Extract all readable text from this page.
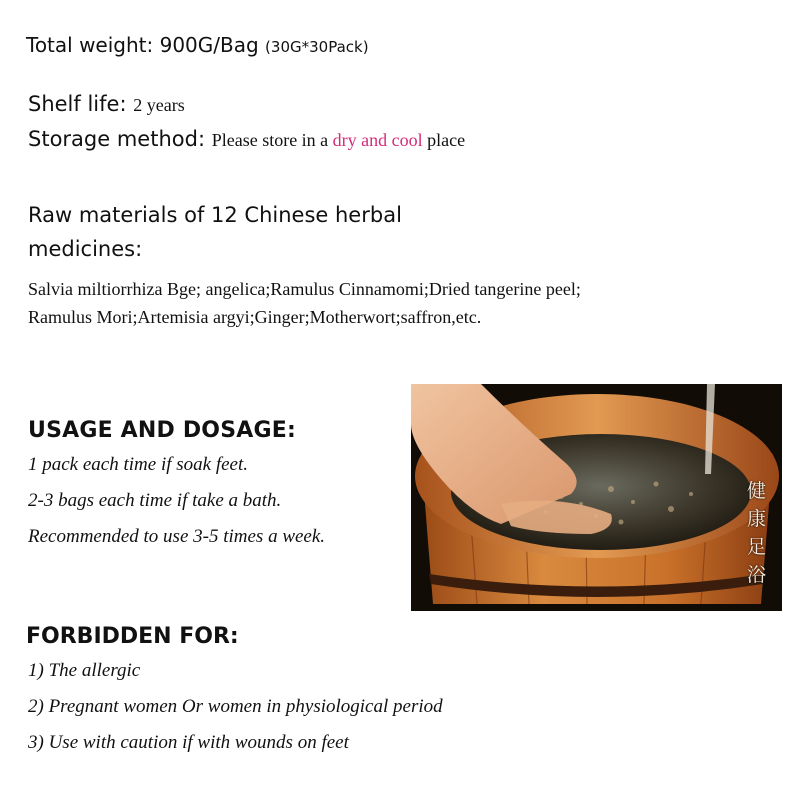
Total weight: 900G/Bag (30G*30Pack)
Shelf life: 2 years
Storage method: Please store in a dry and cool place
Raw materials of 12 Chinese herbal
medicines:
Salvia miltiorrhiza Bge; angelica;Ramulus Cinnamomi;Dried tangerine peel;
Ramulus Mori;Artemisia argyi;Ginger;Motherwort;saffron,etc.
USAGE AND DOSAGE:
1 pack each time if soak feet.
2-3 bags each time if take a bath.
Recommended to use 3-5 times a week.
FORBIDDEN FOR:
1) The allergic
2) Pregnant women Or women in physiological period
3) Use with caution if with wounds on feet
健
康
足
浴
